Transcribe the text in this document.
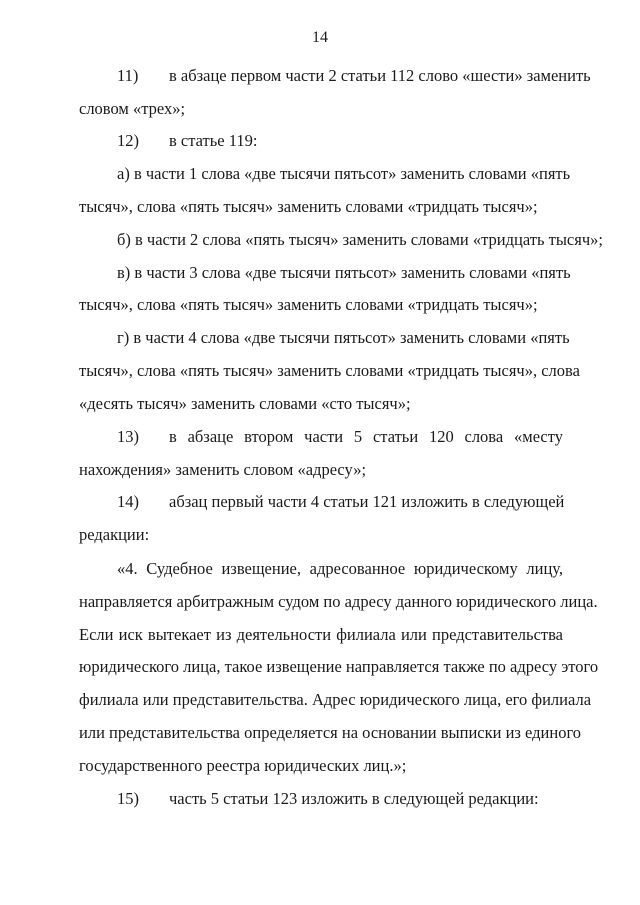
14
11)	в абзаце первом части 2 статьи 112 слово «шести» заменить
словом «трех»;
12)	в статье 119:
а) в части 1 слова «две тысячи пятьсот» заменить словами «пять
тысяч», слова «пять тысяч» заменить словами «тридцать тысяч»;
б) в части 2 слова «пять тысяч» заменить словами «тридцать тысяч»;
в) в части 3 слова «две тысячи пятьсот» заменить словами «пять
тысяч», слова «пять тысяч» заменить словами «тридцать тысяч»;
г) в части 4 слова «две тысячи пятьсот» заменить словами «пять
тысяч», слова «пять тысяч» заменить словами «тридцать тысяч», слова
«десять тысяч» заменить словами «сто тысяч»;
13)	в абзаце втором части 5 статьи 120 слова «месту
нахождения» заменить словом «адресу»;
14)	абзац первый части 4 статьи 121 изложить в следующей
редакции:
«4. Судебное извещение, адресованное юридическому лицу,
направляется арбитражным судом по адресу данного юридического лица.
Если иск вытекает из деятельности филиала или представительства
юридического лица, такое извещение направляется также по адресу этого
филиала или представительства. Адрес юридического лица, его филиала
или представительства определяется на основании выписки из единого
государственного реестра юридических лиц.»;
15)	часть 5 статьи 123 изложить в следующей редакции:
